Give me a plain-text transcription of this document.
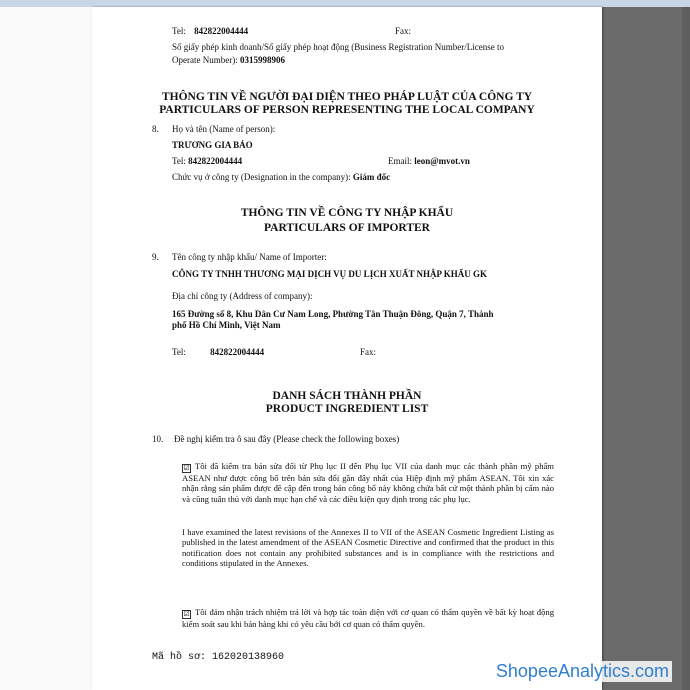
Tel: 842822004444	Fax:
Số giấy phép kinh doanh/Số giấy phép hoạt động (Business Registration Number/License to
Operate Number): 0315998906
THÔNG TIN VỀ NGƯỜI ĐẠI DIỆN THEO PHÁP LUẬT CỦA CÔNG TY
PARTICULARS OF PERSON REPRESENTING THE LOCAL COMPANY
8. Họ và tên (Name of person):
TRƯƠNG GIA BẢO
Tel: 842822004444	Email: leon@mvot.vn
Chức vụ ở công ty (Designation in the company): Giám đốc
THÔNG TIN VỀ CÔNG TY NHẬP KHẨU
PARTICULARS OF IMPORTER
9. Tên công ty nhập khẩu/ Name of Importer:
CÔNG TY TNHH THƯƠNG MẠI DỊCH VỤ DU LỊCH XUẤT NHẬP KHẨU GK
Địa chỉ công ty (Address of company):
165 Đường số 8, Khu Dân Cư Nam Long, Phường Tân Thuận Đông, Quận 7, Thành
phố Hồ Chí Minh, Việt Nam
Tel:	842822004444	Fax:
DANH SÁCH THÀNH PHẦN
PRODUCT INGREDIENT LIST
10. Đề nghị kiểm tra ô sau đây (Please check the following boxes)
☑ Tôi đã kiểm tra bản sửa đổi từ Phụ lục II đến Phụ lục VII của danh mục các thành phần mỹ phẩm ASEAN như được công bố trên bản sửa đổi gần đây nhất của Hiệp định mỹ phẩm ASEAN. Tôi xin xác nhận rằng sản phẩm được đề cập đến trong bản công bố này không chứa bất cứ một thành phần bị cấm nào và cũng tuân thủ với danh mục hạn chế và các điều kiện quy định trong các phụ lục.
I have examined the latest revisions of the Annexes II to VII of the ASEAN Cosmetic Ingredient Listing as published in the latest amendment of the ASEAN Cosmetic Directive and confirmed that the product in this notification does not contain any prohibited substances and is in compliance with the restrictions and conditions stipulated in the Annexes.
☑ Tôi đảm nhận trách nhiệm trả lời và hợp tác toàn diện với cơ quan có thẩm quyền về bất kỳ hoạt động kiểm soát sau khi bán hàng khi có yêu cầu bởi cơ quan có thẩm quyền.
Mã hồ sơ: 162020138960
ShopeeAnalytics.com
